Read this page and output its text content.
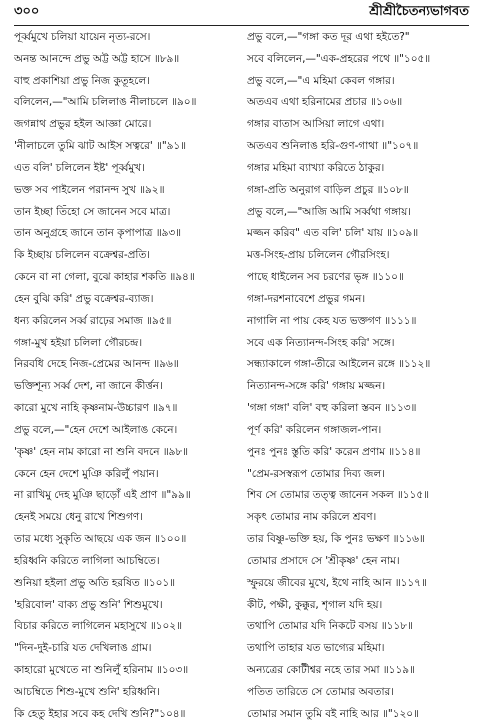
৩০০	শ্রীশ্রীচৈতন্যভাগবত
পূর্ব্বমুখে চলিয়া যায়েন নৃত্য-রসে।
অনন্ত আনন্দে প্রভু অট্ট অট্ট হাসে ॥৮৯॥
বাহু প্রকাশিয়া প্রভু নিজ কুতূহলে।
বলিলেন,—"আমি চলিলাঙ নীলাচলে ॥৯০॥
জগন্নাথ প্রভুর হইল আজ্ঞা মোরে।
'নীলাচলে তুমি ঝাট আইস সত্বরে' ॥"৯১॥
এত বলি' চলিলেন ইষ্ট' পূর্ব্বমুখ।
ভক্ত সব পাইলেন পরানন্দ সুখ ॥৯২॥
তান ইচ্ছা তিঁহো সে জানেন সবে মাত্র।
তান অনুগ্রহে জানে তান কৃপাপাত্র ॥৯৩॥
কি ইচ্ছায় চলিলেন বক্রেশ্বর-প্রতি।
কেনে বা না গেলা, বুঝে কাহার শকতি ॥৯৪॥
হেন বুঝি করি' প্রভু বক্রেশ্বর-ব্যাজ।
ধন্য করিলেন সর্ব্ব রাঢ়ের সমাজ ॥৯৫॥
গঙ্গা-মুখ হইয়া চলিলা গৌরচন্দ্র।
নিরবধি দেহে নিজ-প্রেমের আনন্দ ॥৯৬॥
ভক্তিশূন্য সর্ব্ব দেশ, না জানে কীর্ত্তন।
কারো মুখে নাহি কৃষ্ণনাম-উচ্চারণ ॥৯৭॥
প্রভু বলে,—"হেন দেশে আইলাঙ কেনে।
'কৃষ্ণ' হেন নাম কারো না শুনি বদনে ॥৯৮॥
কেনে হেন দেশে মুঞি করিলুঁ পয়ান।
না রাখিমু দেহ মুঞি ছাড়োঁ এই প্রাণ ॥"৯৯॥
হেনই সময়ে ধেনু রাখে শিশুগণ।
তার মধ্যে সুকৃতি আছয়ে এক জন ॥১০০॥
হরিধ্বনি করিতে লাগিলা আচম্বিতে।
শুনিয়া হইলা প্রভু অতি হরষিত ॥১০১॥
'হরিবোল' বাক্য প্রভু শুনি' শিশুমুখে।
বিচার করিতে লাগিলেন মহাসুখে ॥১০২॥
"দিন-দুই-চারি যত দেখিলাঙ গ্রাম।
কাহারো মুখেতে না শুনিলুঁ হরিনাম ॥১০৩॥
আচম্বিতে শিশু-মুখে শুনি' হরিধ্বনি।
কি হেতু ইহার সবে কহ দেখি শুনি?"১০৪॥
প্রভু বলে,—"গঙ্গা কত দূর এথা হইতে?"
সবে বলিলেন,—"এক-প্রহরের পথে ॥"১০৫॥
প্রভু বলে,—"এ মহিমা কেবল গঙ্গার।
অতএব এথা হরিনামের প্রচার ॥১০৬॥
গঙ্গার বাতাস আসিয়া লাগে এথা।
অতএব শুনিলাঙ হরি-গুণ-গাথা ॥"১০৭॥
গঙ্গার মহিমা ব্যাখ্যা করিতে ঠাকুর।
গঙ্গা-প্রতি অনুরাগ বাড়িল প্রচুর ॥১০৮॥
প্রভু বলে,—"আজি আমি সর্ব্বথা গঙ্গায়।
মজ্জন করিব" এত বলি' চলি' যায় ॥১০৯॥
মত্ত-সিংহ-প্রায় চলিলেন গৌরসিংহ।
পাছে ধাইলেন সব চরণের ভৃঙ্গ ॥১১০॥
গঙ্গা-দরশনাবেশে প্রভুর গমন।
নাগালি না পায় কেহ যত ভক্তগণ ॥১১১॥
সবে এক নিত্যানন্দ-সিংহ করি' সঙ্গে।
সন্ধ্যাকালে গঙ্গা-তীরে আইলেন রঙ্গে ॥১১২॥
নিত্যানন্দ-সঙ্গে করি' গঙ্গায় মজ্জন।
'গঙ্গা গঙ্গা' বলি' বহু করিলা স্তবন ॥১১৩॥
পূর্ণ করি' করিলেন গঙ্গাজল-পান।
পুনঃ পুনঃ স্তুতি করি' করেন প্রণাম ॥১১৪॥
"প্রেম-রসস্বরূপ তোমার দিব্য জল।
শিব সে তোমার তত্ত্ব জানেন সকল ॥১১৫॥
সকৃৎ তোমার নাম করিলে শ্রবণ।
তার বিষ্ণু-ভক্তি হয়, কি পুনঃ ভক্ষণ ॥১১৬॥
তোমার প্রসাদে সে 'শ্রীকৃষ্ণ' হেন নাম।
স্ফুরয়ে জীবের মুখে, ইথে নাহি আন ॥১১৭॥
কীট, পক্ষী, কুক্কুর, শৃগাল যদি হয়।
তথাপি তোমার যদি নিকটে বসয় ॥১১৮॥
তথাপি তাহার যত ভাগ্যের মহিমা।
অন্যত্রের কোটীশ্বর নহে তার সমা ॥১১৯॥
পতিত তারিতে সে তোমার অবতার।
তোমার সমান তুমি বই নাহি আর ॥"১২০॥
